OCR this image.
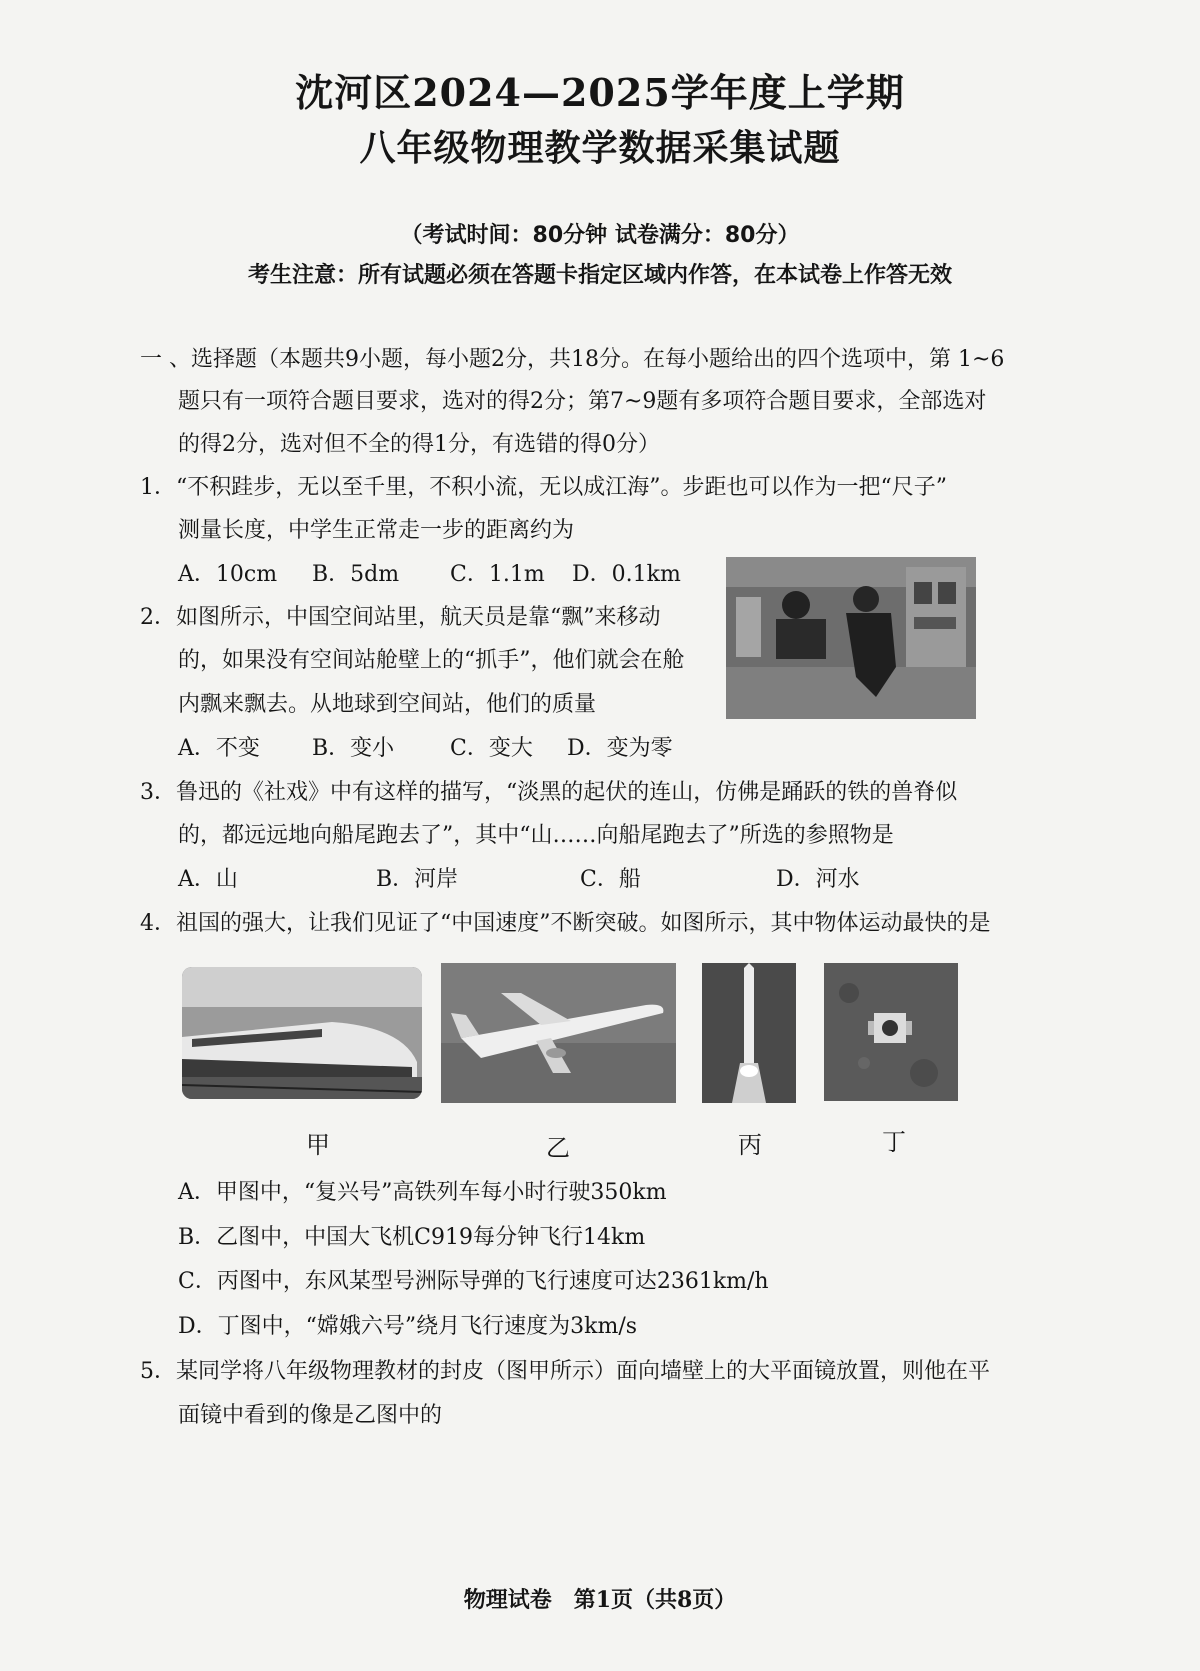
沈河区2024—2025学年度上学期
八年级物理教学数据采集试题
（考试时间：80分钟 试卷满分：80分）
考生注意：所有试题必须在答题卡指定区域内作答，在本试卷上作答无效
一 、选择题（本题共9小题，每小题2分，共18分。在每小题给出的四个选项中，第 1~6
题只有一项符合题目要求，选对的得2分；第7~9题有多项符合题目要求，全部选对
的得2分，选对但不全的得1分，有选错的得0分）
1．“不积跬步，无以至千里，不积小流，无以成江海”。步距也可以作为一把“尺子”
测量长度，中学生正常走一步的距离约为
A．10cm B．5dm C．1.1m D．0.1km
2．如图所示，中国空间站里，航天员是靠“飘”来移动
的，如果没有空间站舱壁上的“抓手”，他们就会在舱
内飘来飘去。从地球到空间站，他们的质量
A．不变 B．变小	C．变大 D．变为零
3．鲁迅的《社戏》中有这样的描写，“淡黑的起伏的连山，仿佛是踊跃的铁的兽脊似
的，都远远地向船尾跑去了”，其中“山……向船尾跑去了”所选的参照物是
A．山	B．河岸	C．船	D．河水
4．祖国的强大，让我们见证了“中国速度”不断突破。如图所示，其中物体运动最快的是
甲	乙	丙	丁
A．甲图中，“复兴号”高铁列车每小时行驶350km
B．乙图中，中国大飞机C919每分钟飞行14km
C．丙图中，东风某型号洲际导弹的飞行速度可达2361km/h
D．丁图中，“嫦娥六号”绕月飞行速度为3km/s
5．某同学将八年级物理教材的封皮（图甲所示）面向墙壁上的大平面镜放置，则他在平
面镜中看到的像是乙图中的
物理试卷　第1页（共8页）
